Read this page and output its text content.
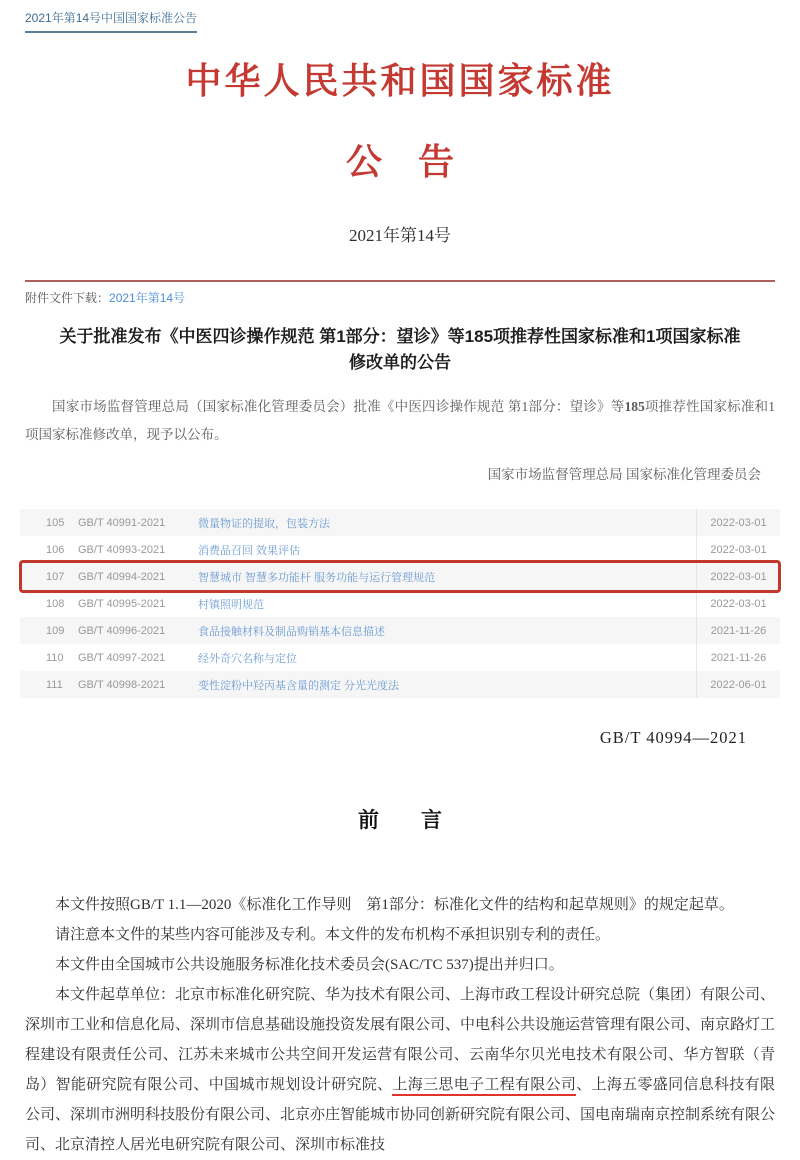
2021年第14号中国国家标准公告
中华人民共和国国家标准
公　告
2021年第14号
附件文件下载：2021年第14号
关于批准发布《中医四诊操作规范 第1部分：望诊》等185项推荐性国家标准和1项国家标准修改单的公告
国家市场监督管理总局（国家标准化管理委员会）批准《中医四诊操作规范 第1部分：望诊》等185项推荐性国家标准和1项国家标准修改单，现予以公布。
国家市场监督管理总局 国家标准化管理委员会
105	GB/T 40991-2021	微量物证的提取，包装方法	2022-03-01
106	GB/T 40993-2021	消费品召回 效果评估	2022-03-01
107	GB/T 40994-2021	智慧城市 智慧多功能杆 服务功能与运行管理规范	2022-03-01
108	GB/T 40995-2021	村镇照明规范	2022-03-01
109	GB/T 40996-2021	食品接触材料及制品购销基本信息描述	2021-11-26
110	GB/T 40997-2021	经外奇穴名称与定位	2021-11-26
111	GB/T 40998-2021	变性淀粉中羟丙基含量的测定 分光光度法	2022-06-01
GB/T 40994—2021
前　　言

本文件按照GB/T 1.1—2020《标准化工作导则　第1部分：标准化文件的结构和起草规则》的规定起草。

请注意本文件的某些内容可能涉及专利。本文件的发布机构不承担识别专利的责任。

本文件由全国城市公共设施服务标准化技术委员会(SAC/TC 537)提出并归口。

本文件起草单位：北京市标准化研究院、华为技术有限公司、上海市政工程设计研究总院（集团）有限公司、深圳市工业和信息化局、深圳市信息基础设施投资发展有限公司、中电科公共设施运营管理有限公司、南京路灯工程建设有限责任公司、江苏未来城市公共空间开发运营有限公司、云南华尔贝光电技术有限公司、华方智联（青岛）智能研究院有限公司、中国城市规划设计研究院、上海三思电子工程有限公司、上海五零盛同信息科技有限公司、深圳市洲明科技股份有限公司、北京亦庄智能城市协同创新研究院有限公司、国电南瑞南京控制系统有限公司、北京清控人居光电研究院有限公司、深圳市标准技
